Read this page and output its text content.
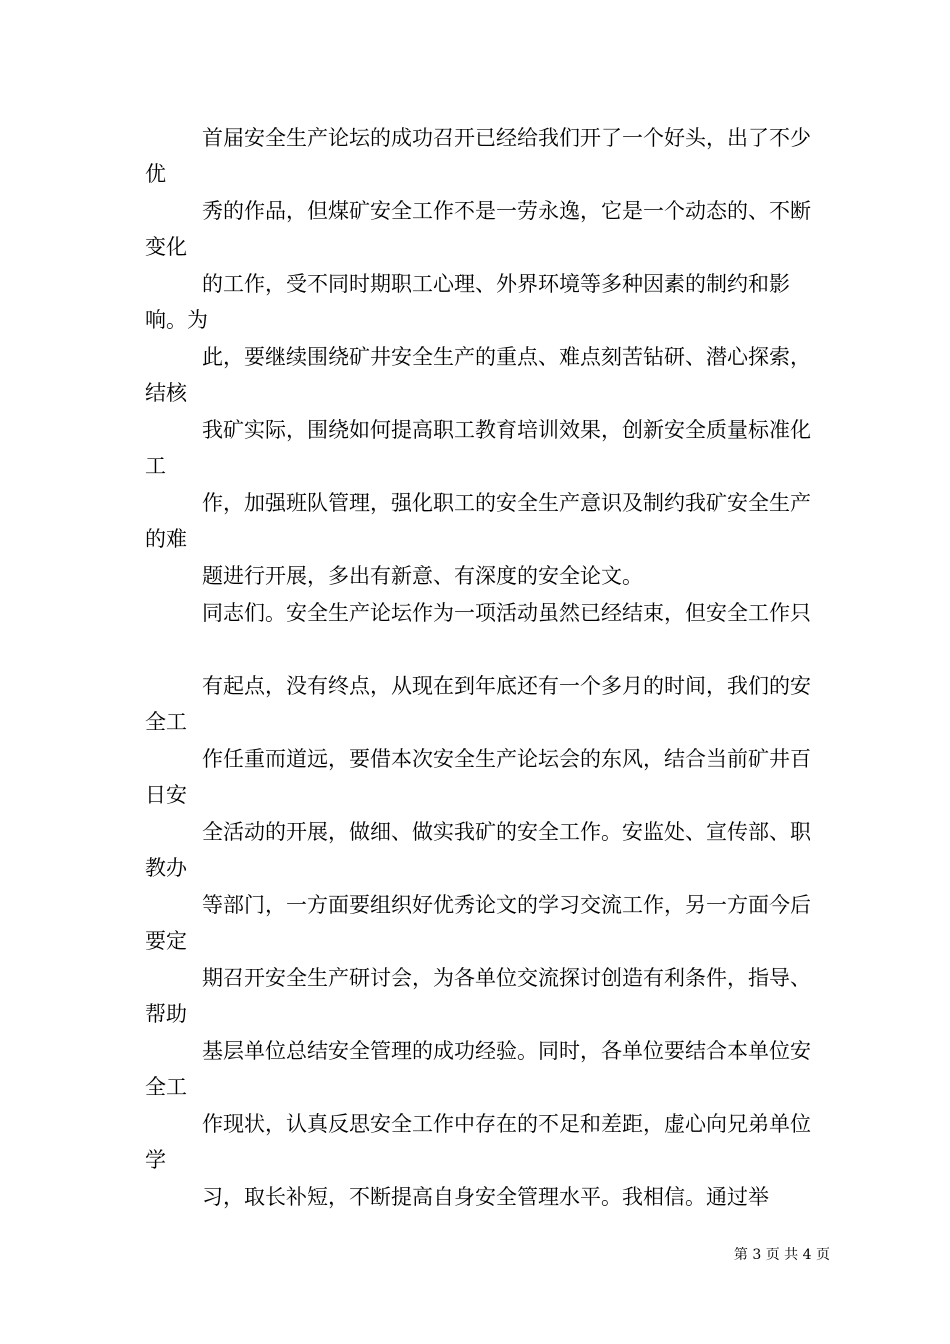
首届安全生产论坛的成功召开已经给我们开了一个好头，出了不少优
秀的作品，但煤矿安全工作不是一劳永逸，它是一个动态的、不断变化
的工作，受不同时期职工心理、外界环境等多种因素的制约和影响。为
此，要继续围绕矿井安全生产的重点、难点刻苦钻研、潜心探索，结核
我矿实际，围绕如何提高职工教育培训效果，创新安全质量标准化工
作，加强班队管理，强化职工的安全生产意识及制约我矿安全生产的难
题进行开展，多出有新意、有深度的安全论文。
同志们。安全生产论坛作为一项活动虽然已经结束，但安全工作只
有起点，没有终点，从现在到年底还有一个多月的时间，我们的安全工
作任重而道远，要借本次安全生产论坛会的东风，结合当前矿井百日安
全活动的开展，做细、做实我矿的安全工作。安监处、宣传部、职教办
等部门，一方面要组织好优秀论文的学习交流工作，另一方面今后要定
期召开安全生产研讨会，为各单位交流探讨创造有利条件，指导、帮助
基层单位总结安全管理的成功经验。同时，各单位要结合本单位安全工
作现状，认真反思安全工作中存在的不足和差距，虚心向兄弟单位学
习，取长补短，不断提高自身安全管理水平。我相信。通过举
第 3 页 共 4 页
